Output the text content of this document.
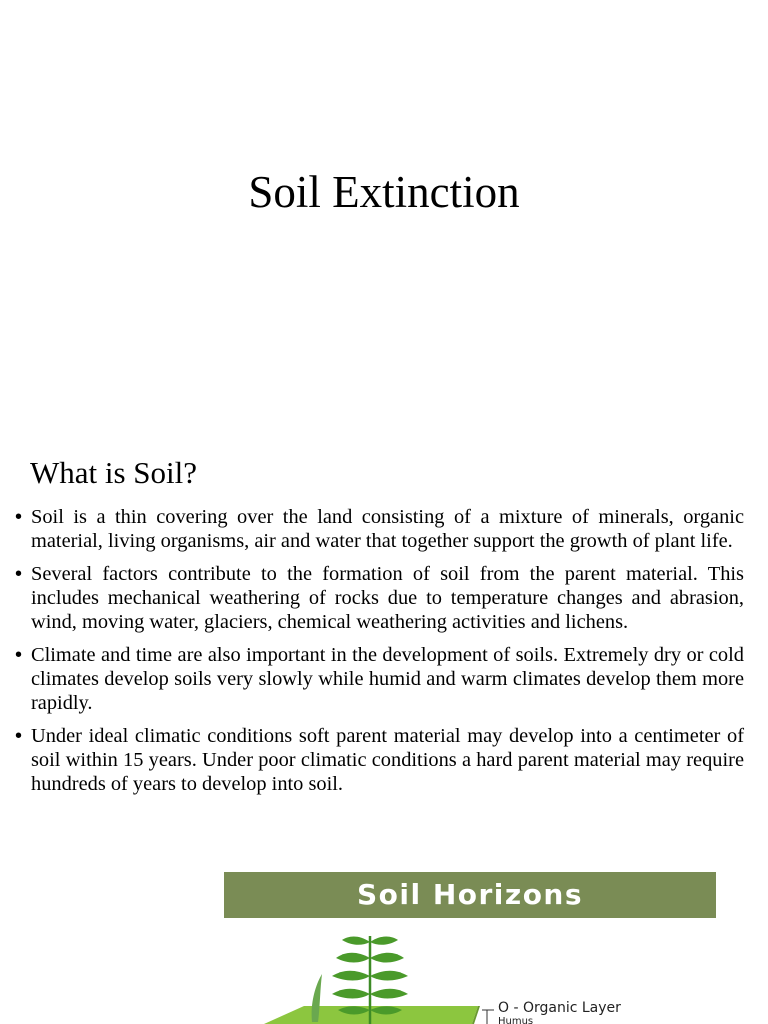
Soil Extinction
What is Soil?
• Soil is a thin covering over the land consisting of a mixture of minerals, organic material, living organisms, air and water that together support the growth of plant life.
• Several factors contribute to the formation of soil from the parent material. This includes mechanical weathering of rocks due to temperature changes and abrasion, wind, moving water, glaciers, chemical weathering activities and lichens.
• Climate and time are also important in the development of soils. Extremely dry or cold climates develop soils very slowly while humid and warm climates develop them more rapidly.
• Under ideal climatic conditions soft parent material may develop into a centimeter of soil within 15 years. Under poor climatic conditions a hard parent material may require hundreds of years to develop into soil.
Soil Horizons
O - Organic Layer
Humus
